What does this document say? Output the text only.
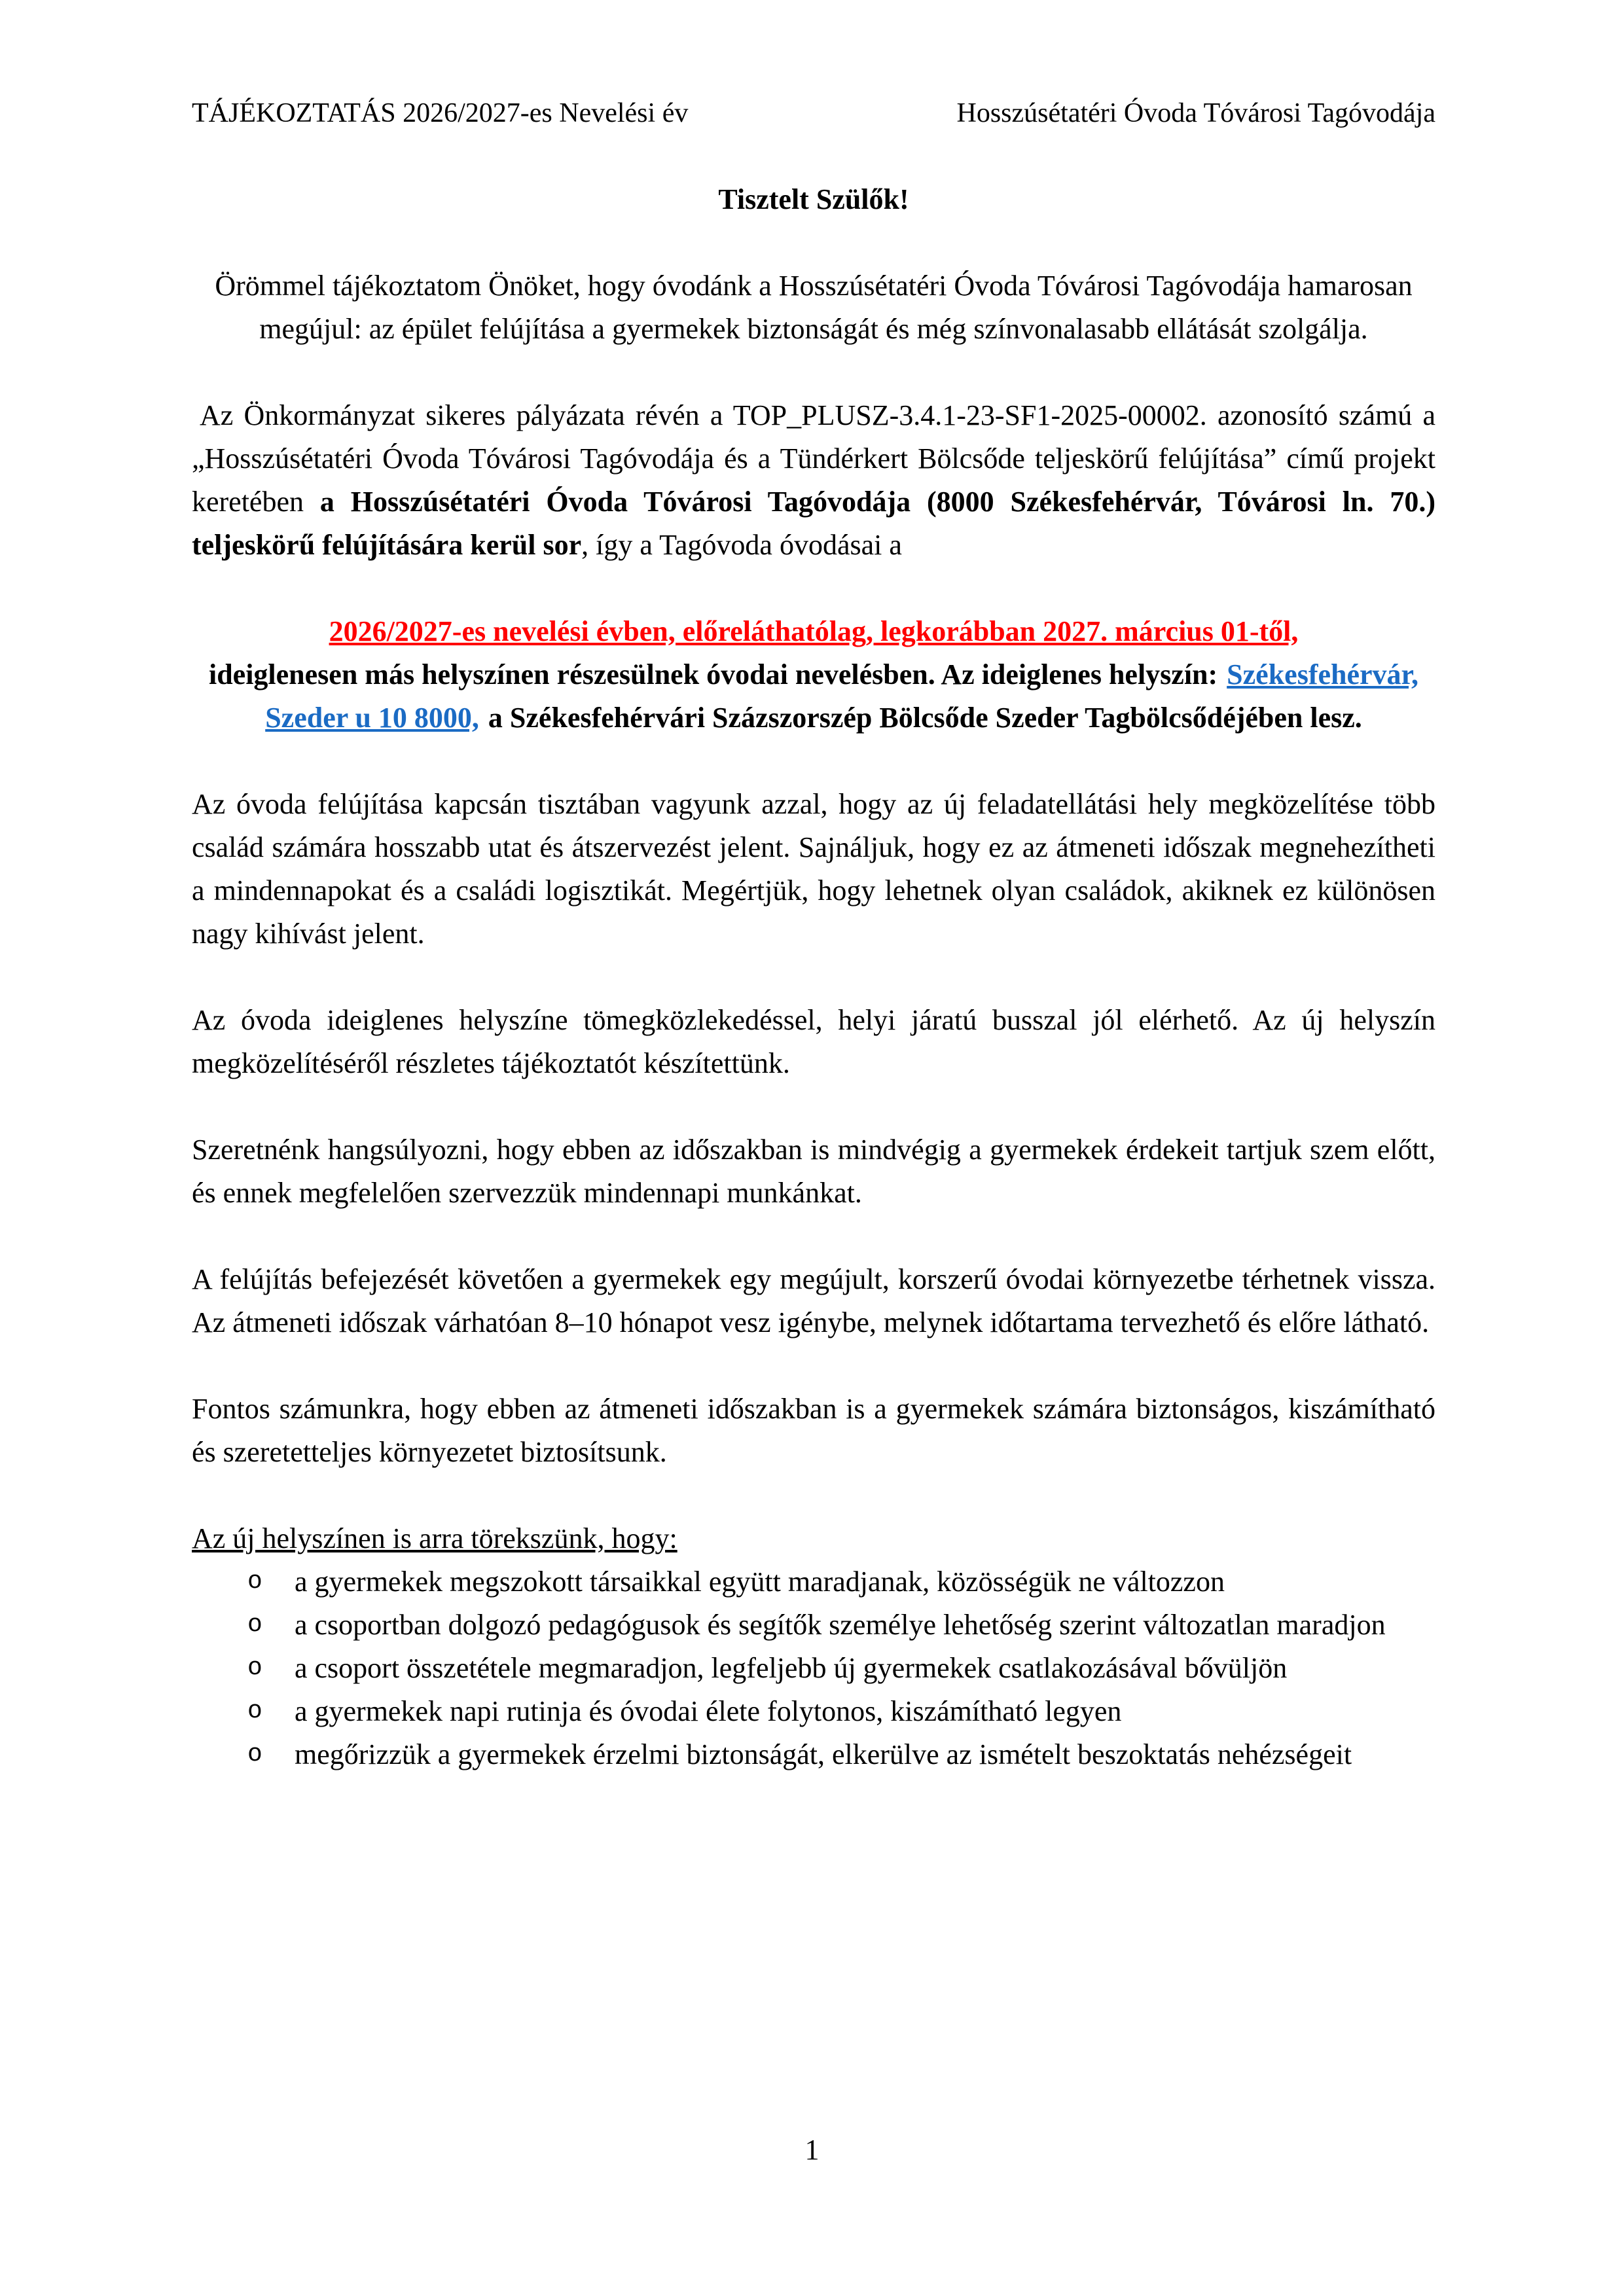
TÁJÉKOZTATÁS 2026/2027-es Nevelési év	Hosszúsétatéri Óvoda Tóvárosi Tagóvodája
Tisztelt Szülők!

Örömmel tájékoztatom Önöket, hogy óvodánk a Hosszúsétatéri Óvoda Tóvárosi Tagóvodája hamarosan megújul: az épület felújítása a gyermekek biztonságát és még színvonalasabb ellátását szolgálja.

Az Önkormányzat sikeres pályázata révén a TOP_PLUSZ-3.4.1-23-SF1-2025-00002. azonosító számú a „Hosszúsétatéri Óvoda Tóvárosi Tagóvodája és a Tündérkert Bölcsőde teljeskörű felújítása” című projekt keretében a Hosszúsétatéri Óvoda Tóvárosi Tagóvodája (8000 Székesfehérvár, Tóvárosi ln. 70.) teljeskörű felújítására kerül sor, így a Tagóvoda óvodásai a

2026/2027-es nevelési évben, előreláthatólag, legkorábban 2027. március 01-től,
ideiglenesen más helyszínen részesülnek óvodai nevelésben. Az ideiglenes helyszín: Székesfehérvár, Szeder u 10 8000, a Székesfehérvári Százszorszép Bölcsőde Szeder Tagbölcsődéjében lesz.

Az óvoda felújítása kapcsán tisztában vagyunk azzal, hogy az új feladatellátási hely megközelítése több család számára hosszabb utat és átszervezést jelent. Sajnáljuk, hogy ez az átmeneti időszak megnehezítheti a mindennapokat és a családi logisztikát. Megértjük, hogy lehetnek olyan családok, akiknek ez különösen nagy kihívást jelent.

Az óvoda ideiglenes helyszíne tömegközlekedéssel, helyi járatú busszal jól elérhető. Az új helyszín megközelítéséről részletes tájékoztatót készítettünk.

Szeretnénk hangsúlyozni, hogy ebben az időszakban is mindvégig a gyermekek érdekeit tartjuk szem előtt, és ennek megfelelően szervezzük mindennapi munkánkat.

A felújítás befejezését követően a gyermekek egy megújult, korszerű óvodai környezetbe térhetnek vissza. Az átmeneti időszak várhatóan 8–10 hónapot vesz igénybe, melynek időtartama tervezhető és előre látható.

Fontos számunkra, hogy ebben az átmeneti időszakban is a gyermekek számára biztonságos, kiszámítható és szeretetteljes környezetet biztosítsunk.

Az új helyszínen is arra törekszünk, hogy:

o a gyermekek megszokott társaikkal együtt maradjanak, közösségük ne változzon
o a csoportban dolgozó pedagógusok és segítők személye lehetőség szerint változatlan maradjon
o a csoport összetétele megmaradjon, legfeljebb új gyermekek csatlakozásával bővüljön
o a gyermekek napi rutinja és óvodai élete folytonos, kiszámítható legyen
o megőrizzük a gyermekek érzelmi biztonságát, elkerülve az ismételt beszoktatás nehézségeit
1
